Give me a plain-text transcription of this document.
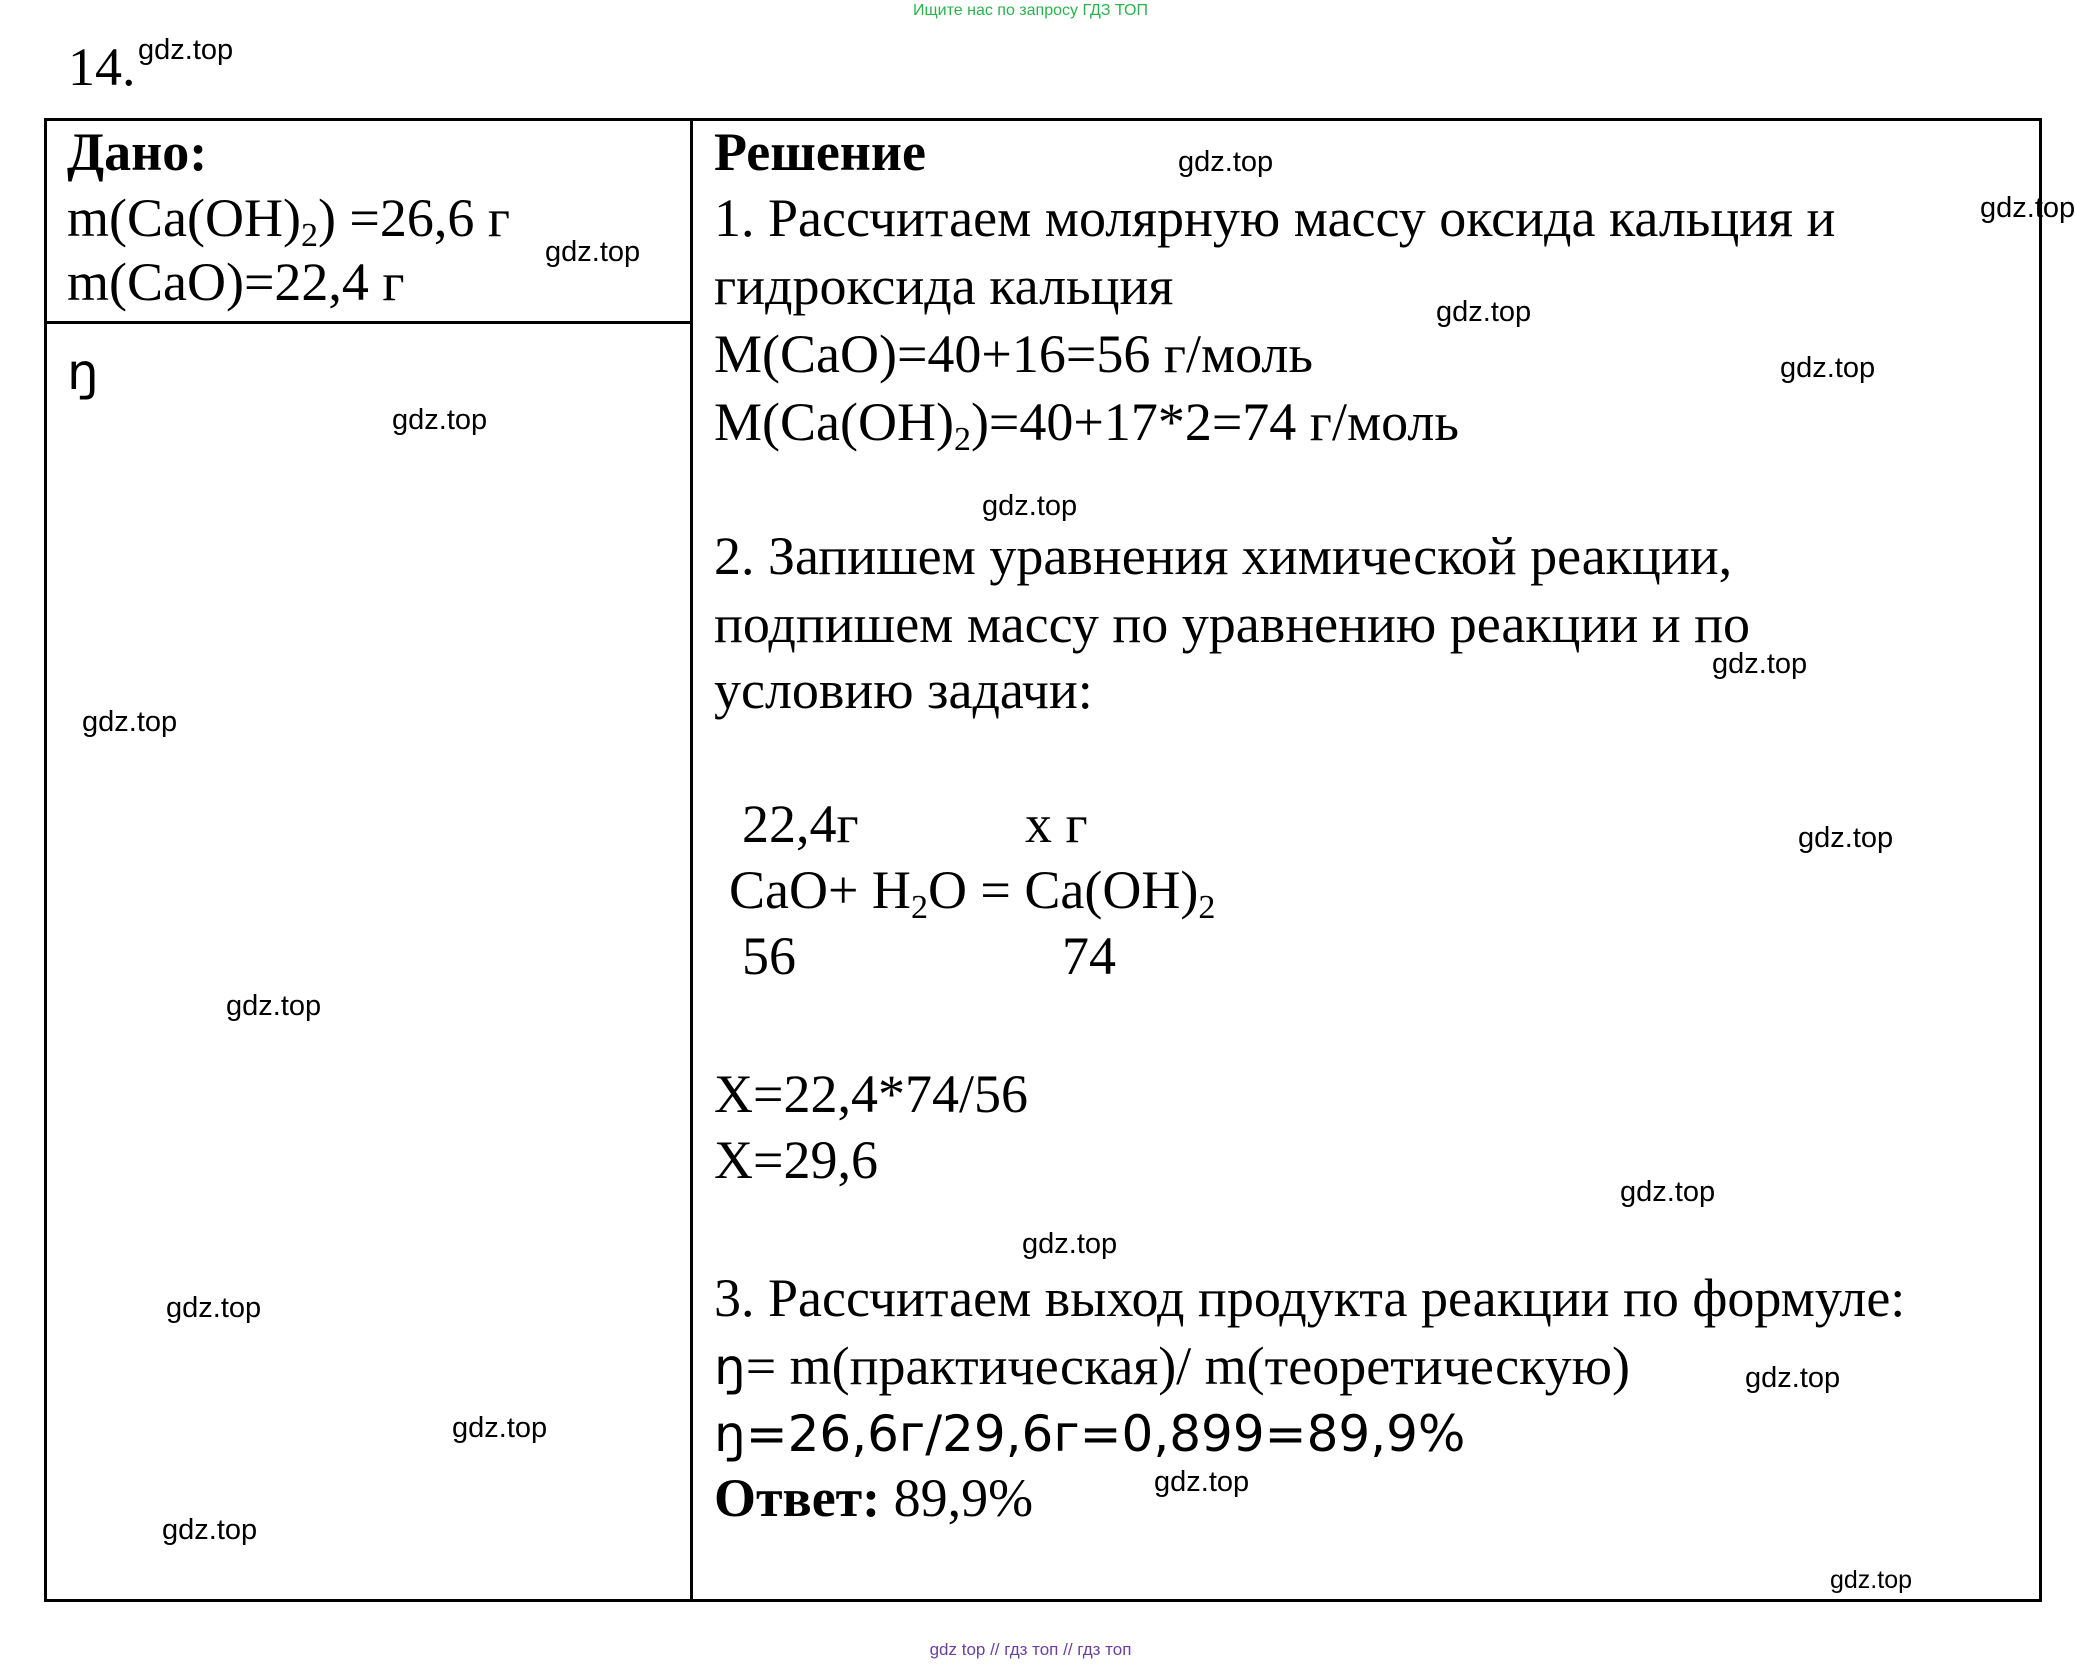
Ищите нас по запросу ГДЗ ТОП
14.
Дано:
$m(Ca(OH)_2) =26,6$ г
m(CaO)=22,4 г
ŋ
Решение
1. Рассчитаем молярную массу оксида кальция и
гидроксида кальция
M(CaO)=40+16=56 г/моль
$M(Ca(OH)_2)=40+17*2=74$ г/моль
2. Запишем уравнения химической реакции,
подпишем массу по уравнению реакции и по
условию задачи:
22,4г	х г
$CaO+ H_2O = Ca(OH)_2$
56	74
X=22,4*74/56
X=29,6
3. Рассчитаем выход продукта реакции по формуле:
ŋ= m(практическая)/ m(теоретическую)
ŋ=26,6г/29,6г=0,899=89,9%
Ответ: 89,9%
gdz.top
gdz.top
gdz.top
gdz.top
gdz.top
gdz.top
gdz.top
gdz.top
gdz.top
gdz.top
gdz.top
gdz.top
gdz.top
gdz.top
gdz.top
gdz.top
gdz.top
gdz.top
gdz.top
gdz.top
gdz top // гдз топ // гдз топ
